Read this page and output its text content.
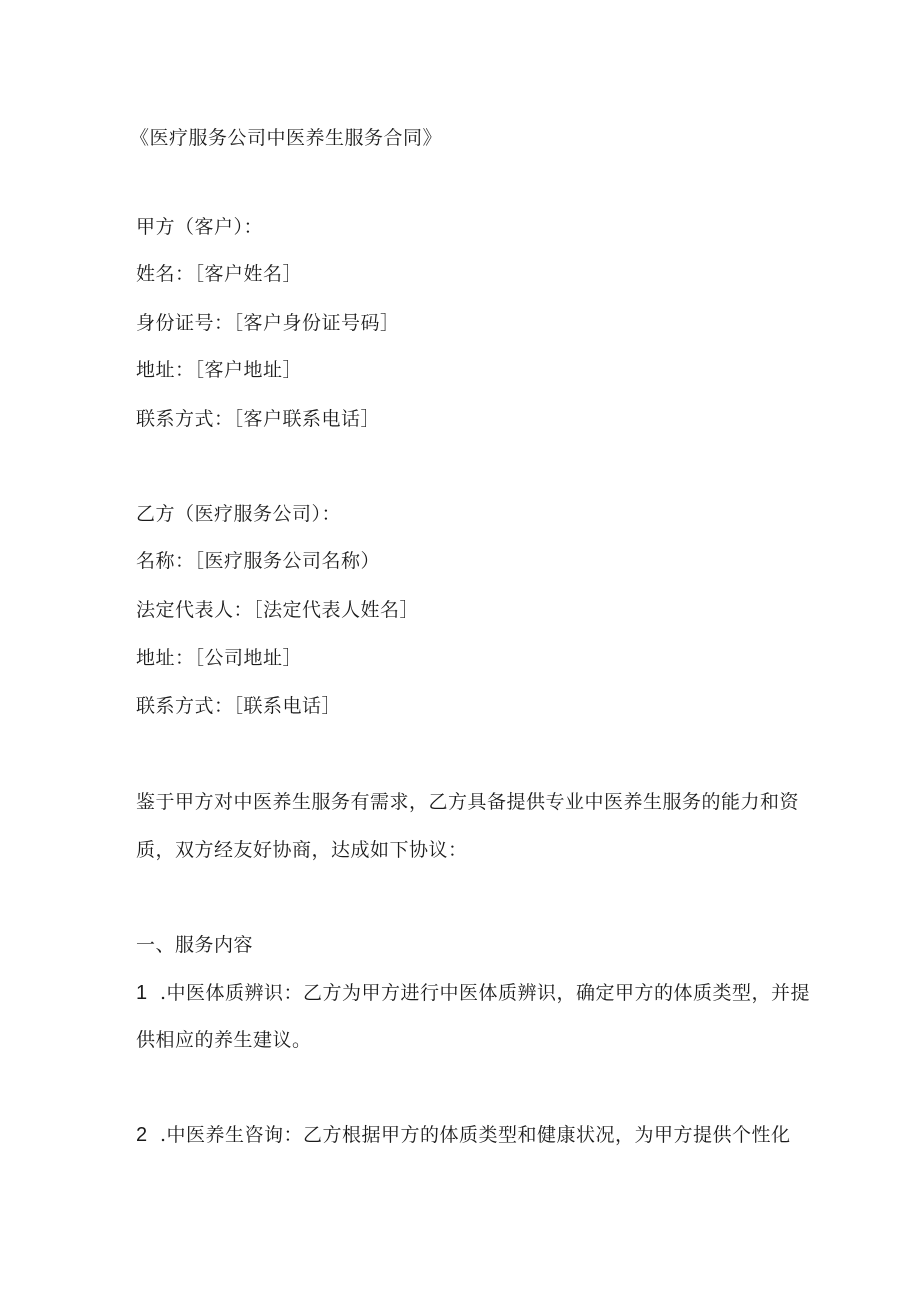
《医疗服务公司中医养生服务合同》
甲方（客户）：
姓名：［客户姓名］
身份证号：［客户身份证号码］
地址：［客户地址］
联系方式：［客户联系电话］
乙方（医疗服务公司）：
名称：［医疗服务公司名称）
法定代表人：［法定代表人姓名］
地址：［公司地址］
联系方式：［联系电话］
鉴于甲方对中医养生服务有需求，乙方具备提供专业中医养生服务的能力和资
质，双方经友好协商，达成如下协议：
一、服务内容
1 .中医体质辨识：乙方为甲方进行中医体质辨识，确定甲方的体质类型，并提
供相应的养生建议。
2 .中医养生咨询：乙方根据甲方的体质类型和健康状况，为甲方提供个性化
